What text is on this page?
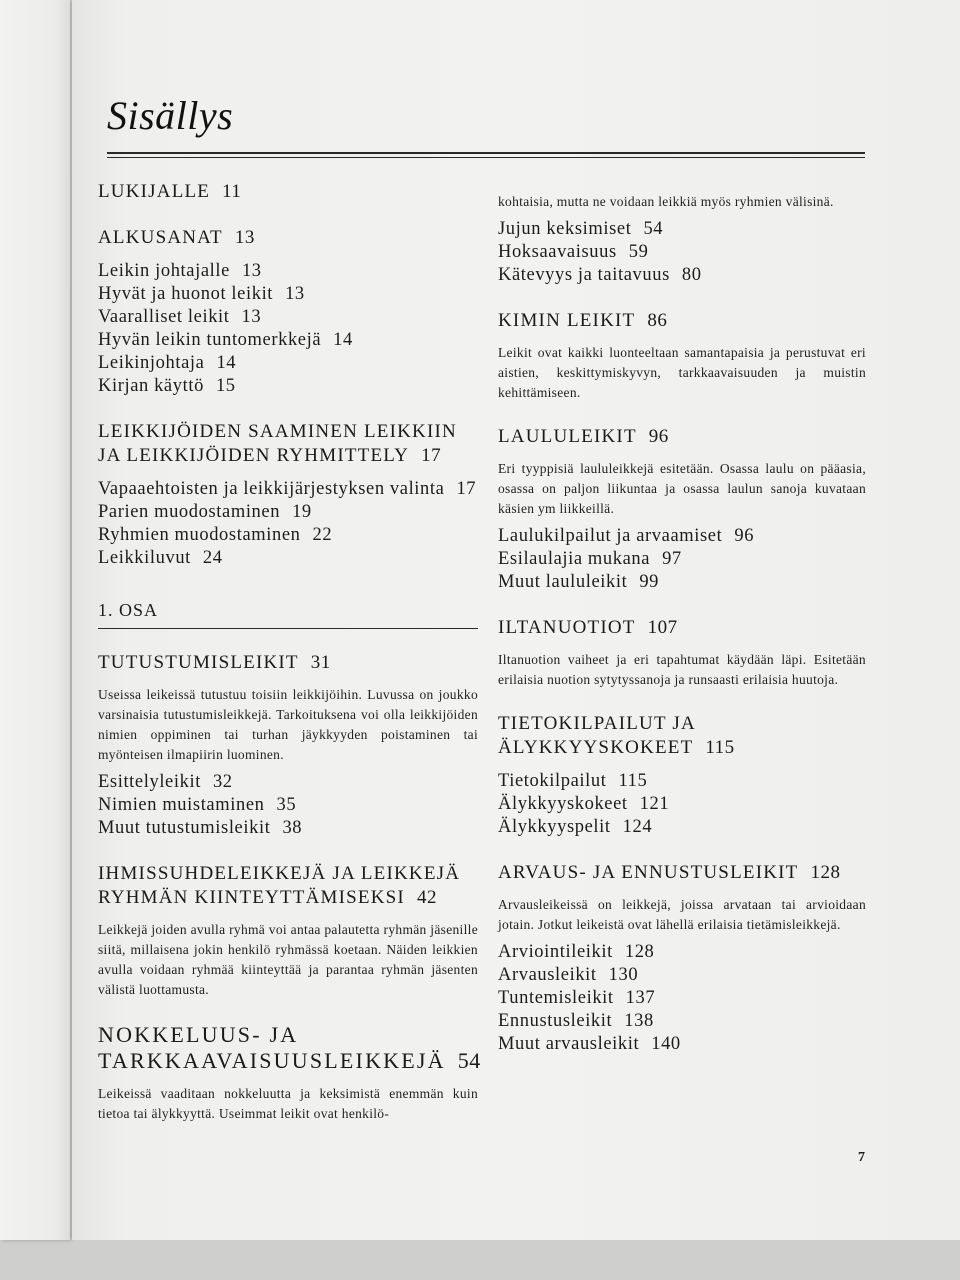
Sisällys
LUKIJALLE 11
ALKUSANAT 13
Leikin johtajalle 13
Hyvät ja huonot leikit 13
Vaaralliset leikit 13
Hyvän leikin tuntomerkkejä 14
Leikinjohtaja 14
Kirjan käyttö 15
LEIKKIJÖIDEN SAAMINEN LEIKKIIN JA LEIKKIJÖIDEN RYHMITTELY 17
Vapaaehtoisten ja leikkijärjestyksen valinta 17
Parien muodostaminen 19
Ryhmien muodostaminen 22
Leikkiluvut 24
1. OSA
TUTUSTUMISLEIKIT 31
Useissa leikeissä tutustuu toisiin leikkijöihin. Luvussa on joukko varsinaisia tutustumisleikkejä. Tarkoituksena voi olla leikkijöiden nimien oppiminen tai turhan jäykkyyden poistaminen tai myönteisen ilmapiirin luominen.
Esittelyleikit 32
Nimien muistaminen 35
Muut tutustumisleikit 38
IHMISSUHDELEIKKEJÄ JA LEIKKEJÄ RYHMÄN KIINTEYTTÄMISEKSI 42
Leikkejä joiden avulla ryhmä voi antaa palautetta ryhmän jäsenille siitä, millaisena jokin henkilö ryhmässä koetaan. Näiden leikkien avulla voidaan ryhmää kiinteyttää ja parantaa ryhmän jäsenten välistä luottamusta.
NOKKELUUS- JA TARKKAAVAISUUSLEIKKEJÄ 54
Leikeissä vaaditaan nokkeluutta ja keksimistä enemmän kuin tietoa tai älykkyyttä. Useimmat leikit ovat henkilö-
kohtaisia, mutta ne voidaan leikkiä myös ryhmien välisinä.
Jujun keksimiset 54
Hoksaavaisuus 59
Kätevyys ja taitavuus 80
KIMIN LEIKIT 86
Leikit ovat kaikki luonteeltaan samantapaisia ja perustuvat eri aistien, keskittymiskyvyn, tarkkaavaisuuden ja muistin kehittämiseen.
LAULULEIKIT 96
Eri tyyppisiä laululeikkejä esitetään. Osassa laulu on pääasia, osassa on paljon liikuntaa ja osassa laulun sanoja kuvataan käsien ym liikkeillä.
Laulukilpailut ja arvaamiset 96
Esilaulajia mukana 97
Muut laululeikit 99
ILTANUOTIOT 107
Iltanuotion vaiheet ja eri tapahtumat käydään läpi. Esitetään erilaisia nuotion sytytyssanoja ja runsaasti erilaisia huutoja.
TIETOKILPAILUT JA ÄLYKKYYSKOKEET 115
Tietokilpailut 115
Älykkyyskokeet 121
Älykkyyspelit 124
ARVAUS- JA ENNUSTUSLEIKIT 128
Arvausleikeissä on leikkejä, joissa arvataan tai arvioidaan jotain. Jotkut leikeistä ovat lähellä erilaisia tietämisleikkejä.
Arviointileikit 128
Arvausleikit 130
Tuntemisleikit 137
Ennustusleikit 138
Muut arvausleikit 140
7
